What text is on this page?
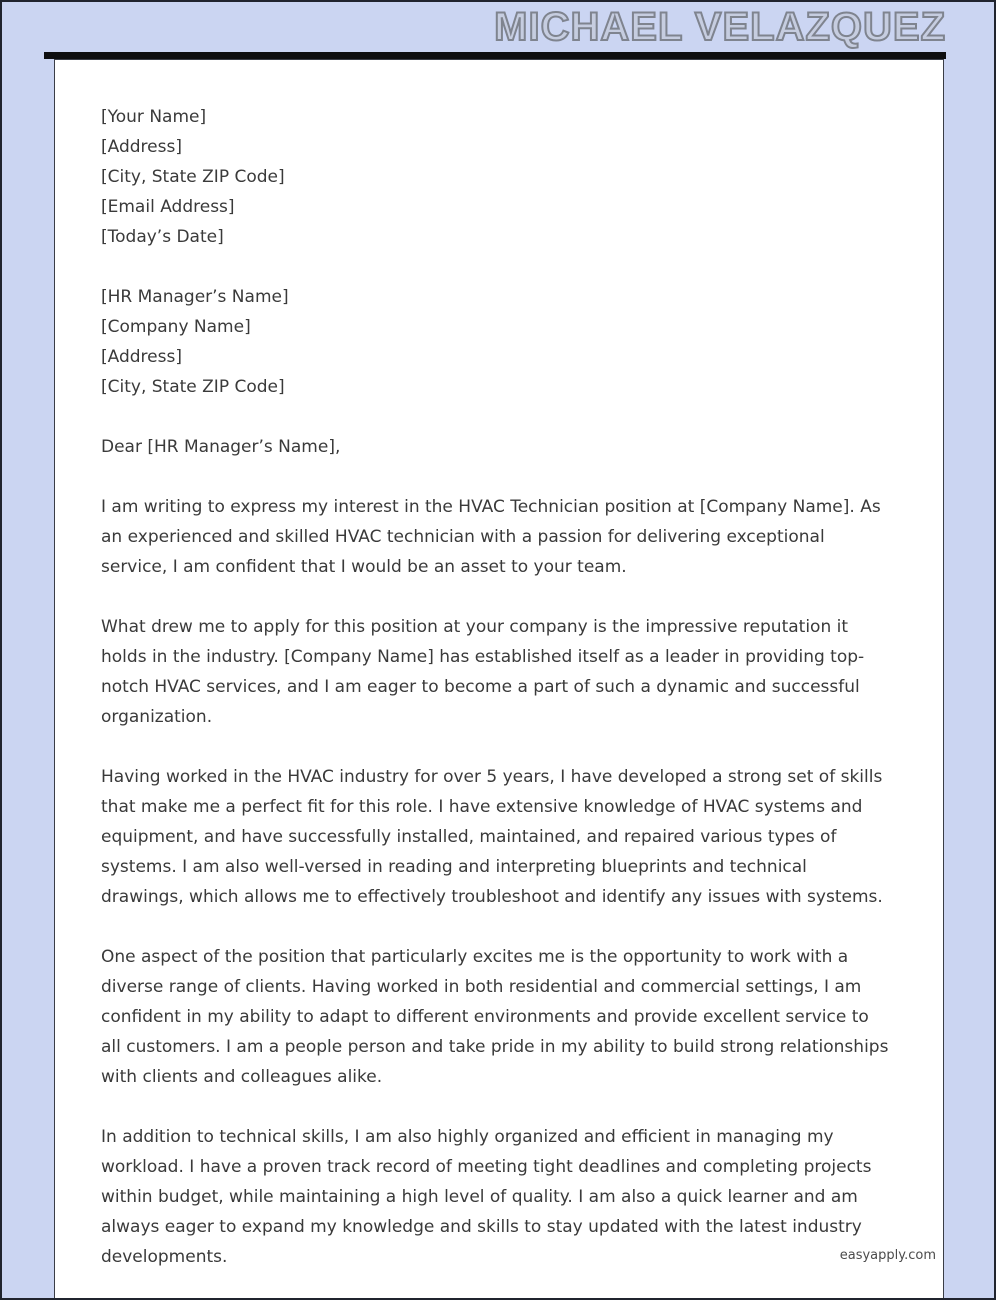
MICHAEL VELAZQUEZ

[Your Name]

[Address]

[City, State ZIP Code]

[Email Address]

[Today’s Date]

[HR Manager’s Name]

[Company Name]

[Address]

[City, State ZIP Code]

Dear [HR Manager’s Name],

I am writing to express my interest in the HVAC Technician position at [Company Name]. As an experienced and skilled HVAC technician with a passion for delivering exceptional service, I am confident that I would be an asset to your team.

What drew me to apply for this position at your company is the impressive reputation it holds in the industry. [Company Name] has established itself as a leader in providing top-notch HVAC services, and I am eager to become a part of such a dynamic and successful organization.

Having worked in the HVAC industry for over 5 years, I have developed a strong set of skills that make me a perfect fit for this role. I have extensive knowledge of HVAC systems and equipment, and have successfully installed, maintained, and repaired various types of systems. I am also well-versed in reading and interpreting blueprints and technical drawings, which allows me to effectively troubleshoot and identify any issues with systems.

One aspect of the position that particularly excites me is the opportunity to work with a diverse range of clients. Having worked in both residential and commercial settings, I am confident in my ability to adapt to different environments and provide excellent service to all customers. I am a people person and take pride in my ability to build strong relationships with clients and colleagues alike.

In addition to technical skills, I am also highly organized and efficient in managing my workload. I have a proven track record of meeting tight deadlines and completing projects within budget, while maintaining a high level of quality. I am also a quick learner and am always eager to expand my knowledge and skills to stay updated with the latest industry developments.	easyapply.com
